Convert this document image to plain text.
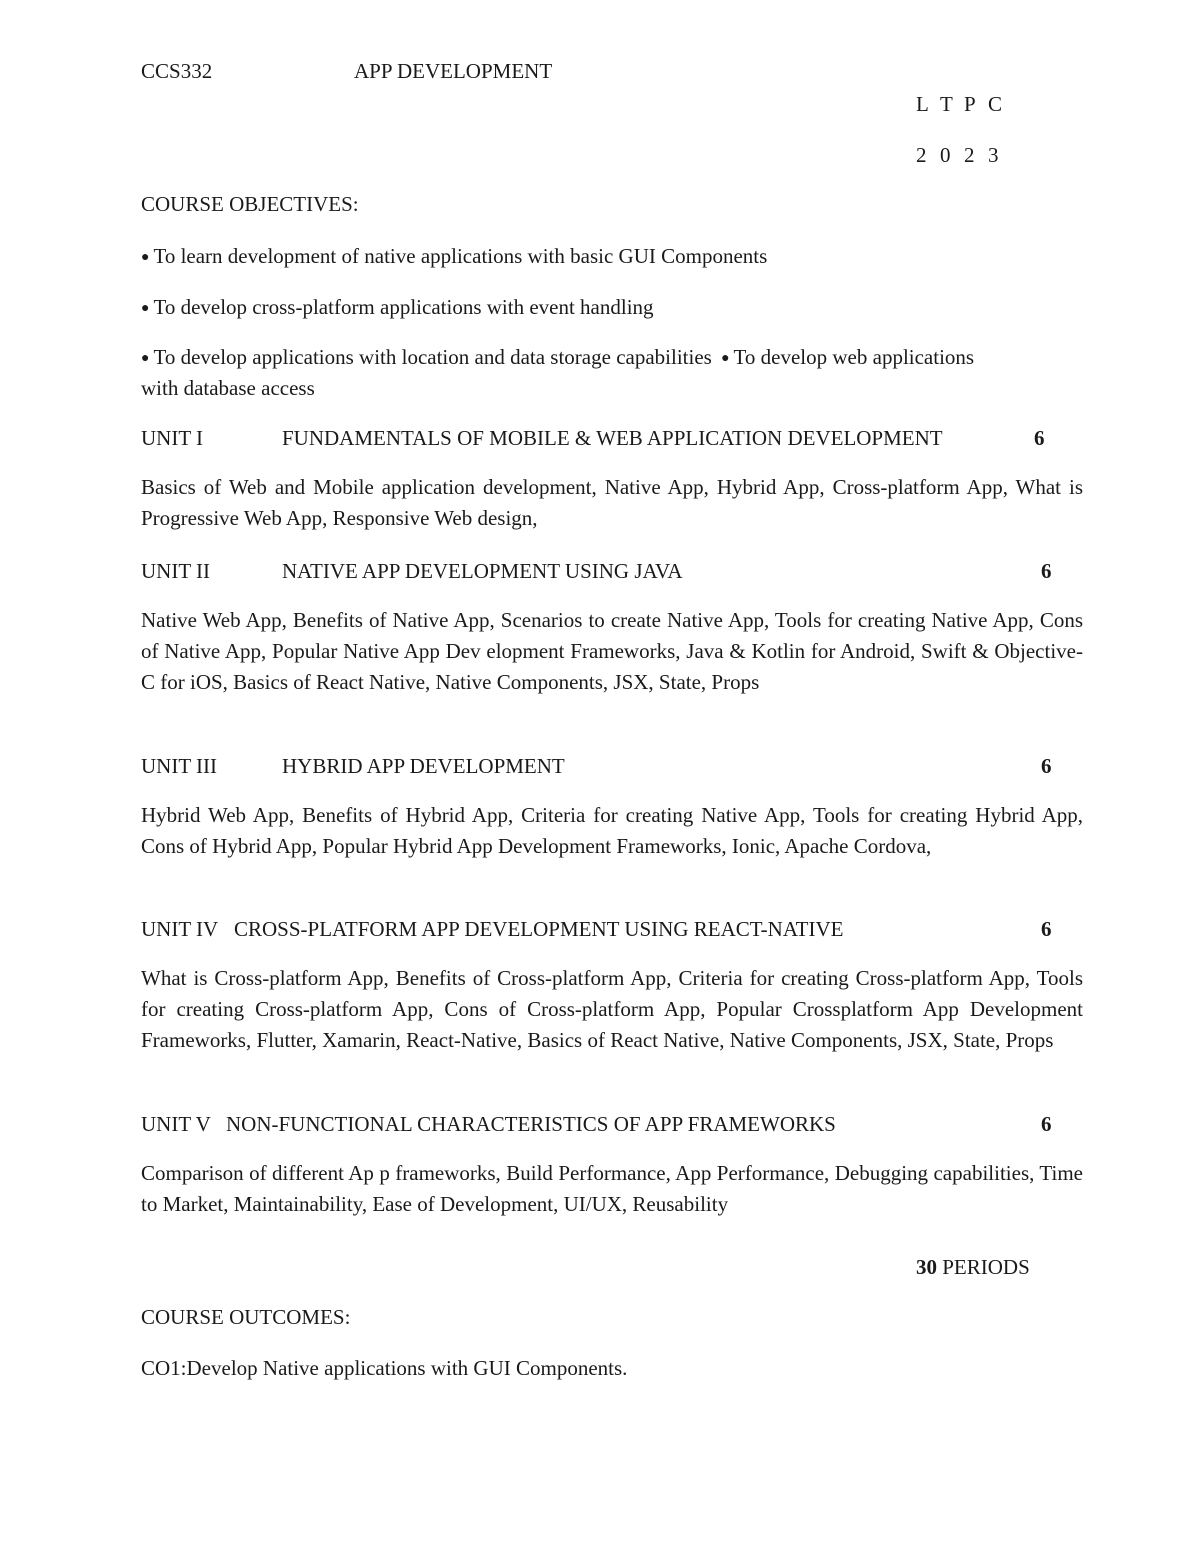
CCS332	APP DEVELOPMENT
L T P C
2 0 2 3
COURSE OBJECTIVES:
● To learn development of native applications with basic GUI Components
● To develop cross-platform applications with event handling
● To develop applications with location and data storage capabilities ● To develop web applications
with database access
UNIT I	FUNDAMENTALS OF MOBILE & WEB APPLICATION DEVELOPMENT	6
Basics of Web and Mobile application development, Native App, Hybrid App, Cross-platform App, What is Progressive Web App, Responsive Web design,
UNIT II	NATIVE APP DEVELOPMENT USING JAVA	6
Native Web App, Benefits of Native App, Scenarios to create Native App, Tools for creating Native App, Cons of Native App, Popular Native App Dev elopment Frameworks, Java & Kotlin for Android, Swift & Objective-C for iOS, Basics of React Native, Native Components, JSX, State, Props
UNIT III	HYBRID APP DEVELOPMENT	6
Hybrid Web App, Benefits of Hybrid App, Criteria for creating Native App, Tools for creating Hybrid App, Cons of Hybrid App, Popular Hybrid App Development Frameworks, Ionic, Apache Cordova,
UNIT IV CROSS-PLATFORM APP DEVELOPMENT USING REACT-NATIVE	6
What is Cross-platform App, Benefits of Cross-platform App, Criteria for creating Cross-platform App, Tools for creating Cross-platform App, Cons of Cross-platform App, Popular Crossplatform App Development Frameworks, Flutter, Xamarin, React-Native, Basics of React Native, Native Components, JSX, State, Props
UNIT V NON-FUNCTIONAL CHARACTERISTICS OF APP FRAMEWORKS	6
Comparison of different Ap p frameworks, Build Performance, App Performance, Debugging capabilities, Time to Market, Maintainability, Ease of Development, UI/UX, Reusability
30 PERIODS
COURSE OUTCOMES:
CO1:Develop Native applications with GUI Components.
